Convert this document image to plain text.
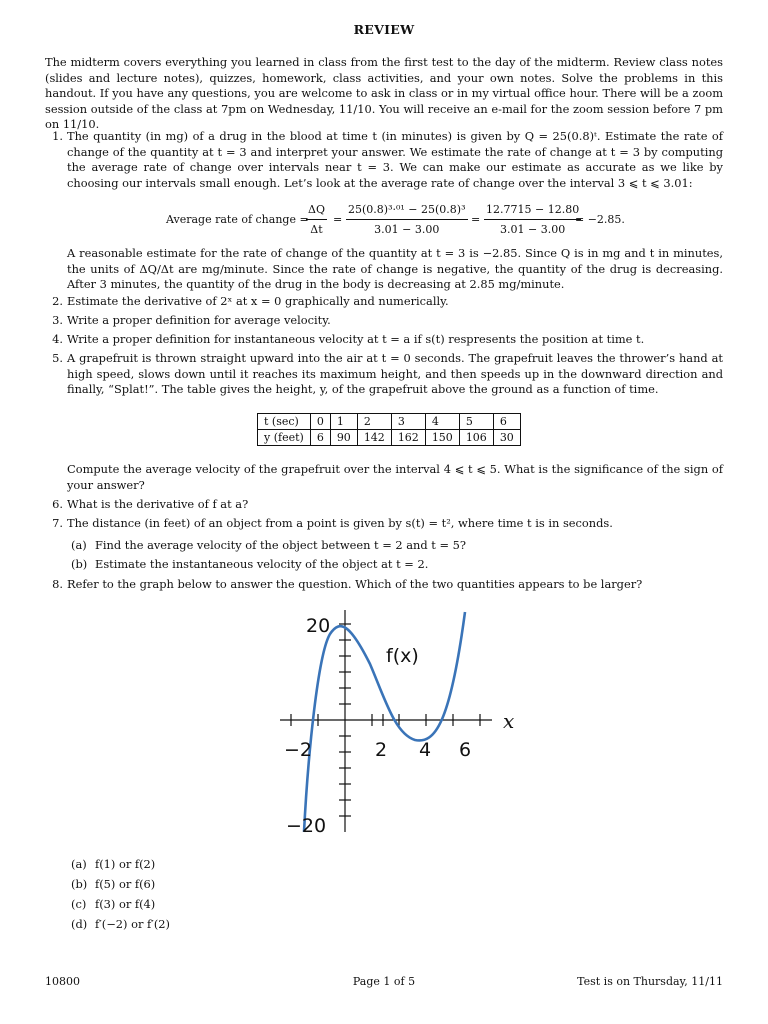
REVIEW
The midterm covers everything you learned in class from the first test to the day of the midterm. Review class notes (slides and lecture notes), quizzes, homework, class activities, and your own notes. Solve the problems in this handout. If you have any questions, you are welcome to ask in class or in my virtual office hour. There will be a zoom session outside of the class at 7pm on Wednesday, 11/10. You will receive an e-mail for the zoom session before 7 pm on 11/10.
1. The quantity (in mg) of a drug in the blood at time t (in minutes) is given by Q = 25(0.8)ᵗ. Estimate the rate of change of the quantity at t = 3 and interpret your answer. We estimate the rate of change at t = 3 by computing the average rate of change over intervals near t = 3. We can make our estimate as accurate as we like by choosing our intervals small enough. Let’s look at the average rate of change over the interval 3 ⩽ t ⩽ 3.01:
Average rate of change =
$\frac{\Delta Q}{\Delta t} = \frac{\text{25(0.8)³·⁰¹ − 25(0.8)³}}{3.01 - 3.00} = \frac{12.7715 - 12.80}{3.01 - 3.00}$
= −2.85.
A reasonable estimate for the rate of change of the quantity at t = 3 is −2.85. Since Q is in mg and t in minutes, the units of ΔQ/Δt are mg/minute. Since the rate of change is negative, the quantity of the drug is decreasing. After 3 minutes, the quantity of the drug in the body is decreasing at 2.85 mg/minute.
2. Estimate the derivative of 2ˣ at x = 0 graphically and numerically.
3. Write a proper definition for average velocity.
4. Write a proper definition for instantaneous velocity at t = a if s(t) respresents the position at time t.
5. A grapefruit is thrown straight upward into the air at t = 0 seconds. The grapefruit leaves the thrower’s hand at high speed, slows down until it reaches its maximum height, and then speeds up in the downward direction and finally, “Splat!”. The table gives the height, y, of the grapefruit above the ground as a function of time.
t (sec)	0	1	2	3	4	5	6
y (feet)	6	90	142	162	150	106	30
Compute the average velocity of the grapefruit over the interval 4 ⩽ t ⩽ 5. What is the significance of the sign of your answer?
6. What is the derivative of f at a?
7. The distance (in feet) of an object from a point is given by s(t) = t², where time t is in seconds.
(a) Find the average velocity of the object between t = 2 and t = 5?
(b) Estimate the instantaneous velocity of the object at t = 2.
8. Refer to the graph below to answer the question. Which of the two quantities appears to be larger?
20
−20
−2	2 4 6
x
f(x)
(a) f(1) or f(2)
(b) f(5) or f(6)
(c) f(3) or f(4)
(d) f′(−2) or f′(2)
10800	Page 1 of 5	Test is on Thursday, 11/11
